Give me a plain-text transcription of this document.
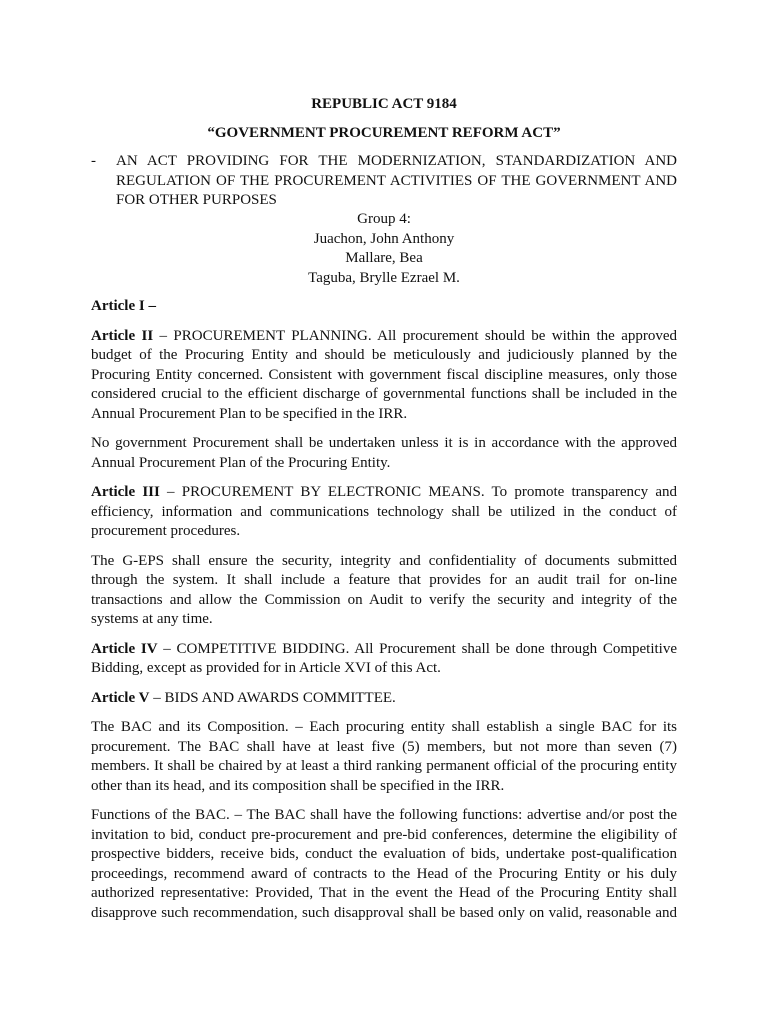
REPUBLIC ACT 9184
“GOVERNMENT PROCUREMENT REFORM ACT”
- AN ACT PROVIDING FOR THE MODERNIZATION, STANDARDIZATION AND REGULATION OF THE PROCUREMENT ACTIVITIES OF THE GOVERNMENT AND FOR OTHER PURPOSES
Group 4:
Juachon, John Anthony
Mallare, Bea
Taguba, Brylle Ezrael M.

Article I –

Article II – PROCUREMENT PLANNING. All procurement should be within the approved budget of the Procuring Entity and should be meticulously and judiciously planned by the Procuring Entity concerned. Consistent with government fiscal discipline measures, only those considered crucial to the efficient discharge of governmental functions shall be included in the Annual Procurement Plan to be specified in the IRR.

No government Procurement shall be undertaken unless it is in accordance with the approved Annual Procurement Plan of the Procuring Entity.

Article III – PROCUREMENT BY ELECTRONIC MEANS. To promote transparency and efficiency, information and communications technology shall be utilized in the conduct of procurement procedures.

The G-EPS shall ensure the security, integrity and confidentiality of documents submitted through the system. It shall include a feature that provides for an audit trail for on-line transactions and allow the Commission on Audit to verify the security and integrity of the systems at any time.

Article IV – COMPETITIVE BIDDING. All Procurement shall be done through Competitive Bidding, except as provided for in Article XVI of this Act.

Article V – BIDS AND AWARDS COMMITTEE.

The BAC and its Composition. – Each procuring entity shall establish a single BAC for its procurement. The BAC shall have at least five (5) members, but not more than seven (7) members. It shall be chaired by at least a third ranking permanent official of the procuring entity other than its head, and its composition shall be specified in the IRR.

Functions of the BAC. – The BAC shall have the following functions: advertise and/or post the invitation to bid, conduct pre-procurement and pre-bid conferences, determine the eligibility of prospective bidders, receive bids, conduct the evaluation of bids, undertake post-qualification proceedings, recommend award of contracts to the Head of the Procuring Entity or his duly authorized representative: Provided, That in the event the Head of the Procuring Entity shall disapprove such recommendation, such disapproval shall be based only on valid, reasonable and
